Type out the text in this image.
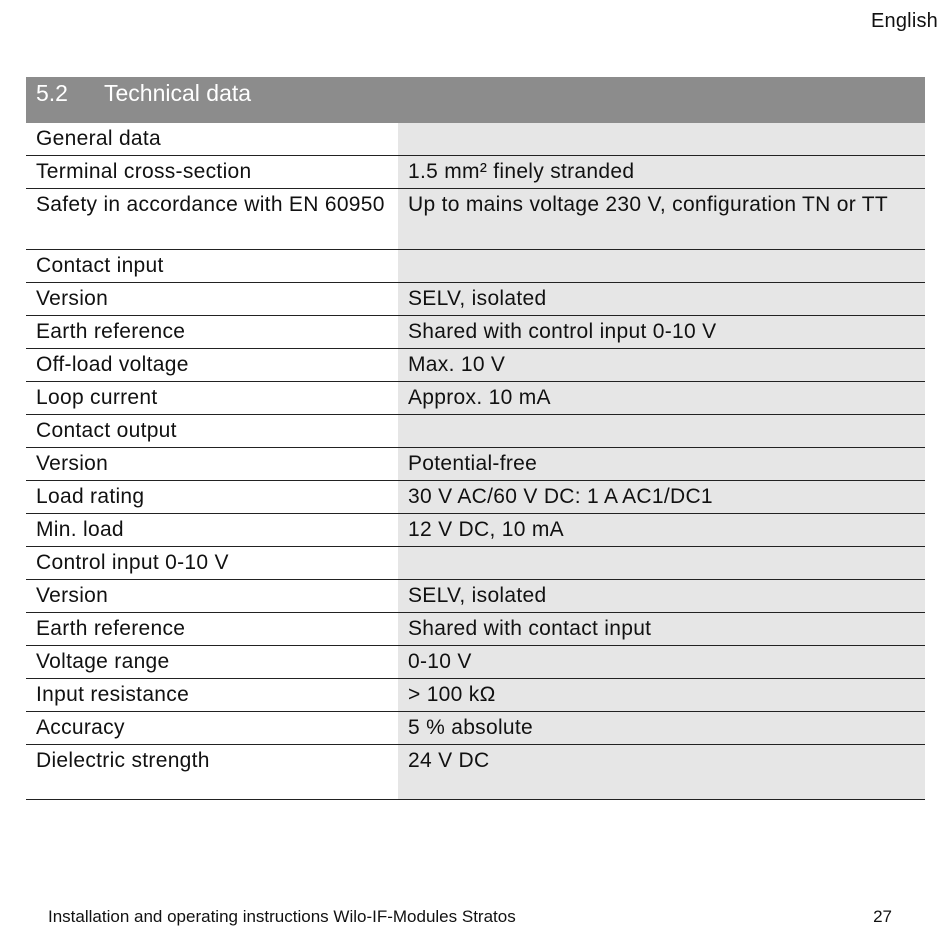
English
5.2	Technical data
General data	
Terminal cross-section	1.5 mm² finely stranded
Safety in accordance with EN 60950	Up to mains voltage 230 V, configuration TN or TT
Contact input	
Version	SELV, isolated
Earth reference	Shared with control input 0-10 V
Off-load voltage	Max. 10 V
Loop current	Approx. 10 mA
Contact output	
Version	Potential-free
Load rating	30 V AC/60 V DC: 1 A AC1/DC1
Min. load	12 V DC, 10 mA
Control input 0-10 V	
Version	SELV, isolated
Earth reference	Shared with contact input
Voltage range	0-10 V
Input resistance	> 100 kΩ
Accuracy	5 % absolute
Dielectric strength	24 V DC
Installation and operating instructions Wilo-IF-Modules Stratos	27
